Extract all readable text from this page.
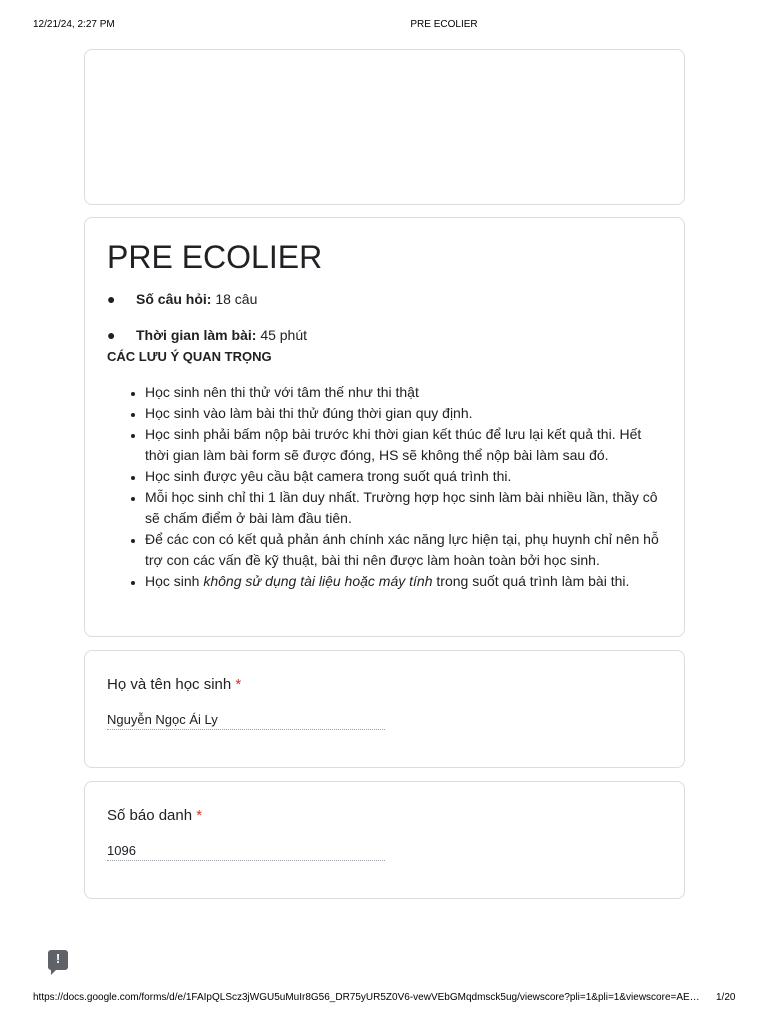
12/21/24, 2:27 PM	PRE ECOLIER
PRE ECOLIER
● Số câu hỏi: 18 câu
● Thời gian làm bài: 45 phút
CÁC LƯU Ý QUAN TRỌNG
• Học sinh nên thi thử với tâm thế như thi thật
• Học sinh vào làm bài thi thử đúng thời gian quy định.
• Học sinh phải bấm nộp bài trước khi thời gian kết thúc để lưu lại kết quả thi. Hết thời gian làm bài form sẽ được đóng, HS sẽ không thể nộp bài làm sau đó.
• Học sinh được yêu cầu bật camera trong suốt quá trình thi.
• Mỗi học sinh chỉ thi 1 lần duy nhất. Trường hợp học sinh làm bài nhiều lần, thầy cô sẽ chấm điểm ở bài làm đầu tiên.
• Để các con có kết quả phản ánh chính xác năng lực hiện tại, phụ huynh chỉ nên hỗ trợ con các vấn đề kỹ thuật, bài thi nên được làm hoàn toàn bởi học sinh.
• Học sinh không sử dụng tài liệu hoặc máy tính trong suốt quá trình làm bài thi.
Họ và tên học sinh *
Nguyễn Ngọc Ái Ly
Số báo danh *
1096
!
https://docs.google.com/forms/d/e/1FAIpQLScz3jWGU5uMuIr8G56_DR75yUR5Z0V6-vewVEbGMqdmsck5ug/viewscore?pli=1&pli=1&viewscore=AE…	1/20
